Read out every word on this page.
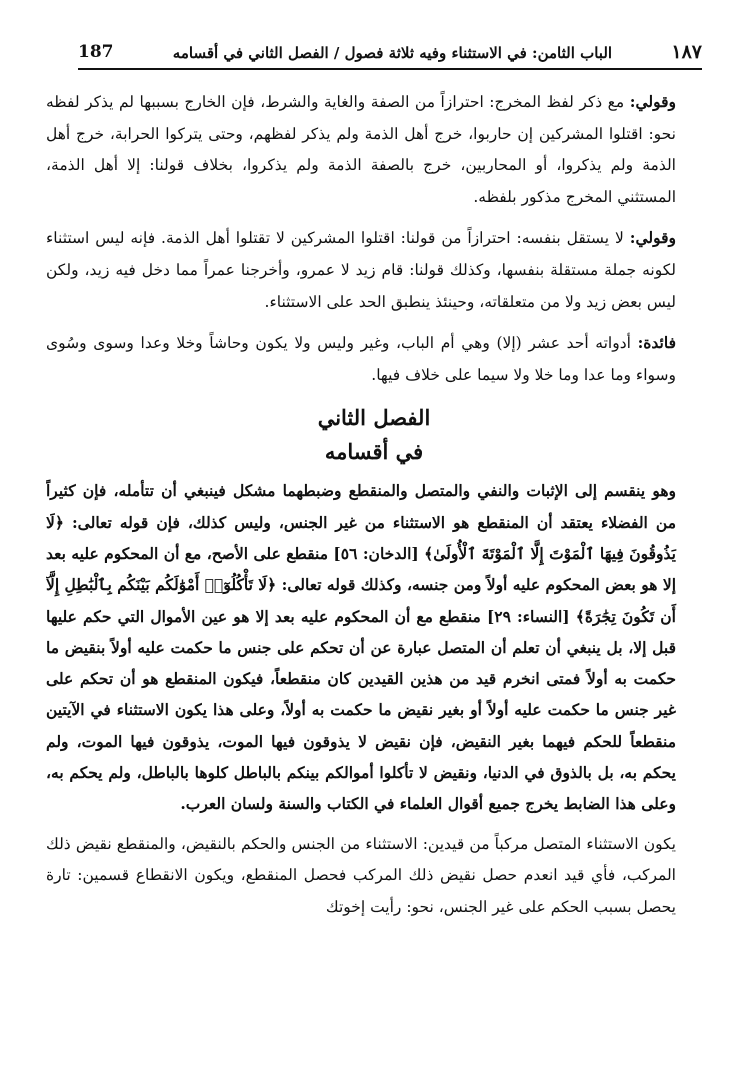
١٨٧
الباب الثامن: في الاستثناء وفيه ثلاثة فصول / الفصل الثاني في أقسامه
187

وقولي: مع ذكر لفظ المخرج: احترازاً من الصفة والغاية والشرط، فإن الخارج بسببها لم يذكر لفظه نحو: اقتلوا المشركين إن حاربوا، خرج أهل الذمة ولم يذكر لفظهم، وحتى يتركوا الحرابة، خرج أهل الذمة ولم يذكروا، أو المحاربين، خرج بالصفة الذمة ولم يذكروا، بخلاف قولنا: إلا أهل الذمة، المستثني المخرج مذكور بلفظه.

وقولي: لا يستقل بنفسه: احترازاً من قولنا: اقتلوا المشركين لا تقتلوا أهل الذمة. فإنه ليس استثناء لكونه جملة مستقلة بنفسها، وكذلك قولنا: قام زيد لا عمرو، وأخرجنا عمراً مما دخل فيه زيد، ولكن ليس بعض زيد ولا من متعلقاته، وحينئذ ينطبق الحد على الاستثناء.

فائدة: أدواته أحد عشر (إلا) وهي أم الباب، وغير وليس ولا يكون وحاشاً وخلا وعدا وسوى وسُوى وسواء وما عدا وما خلا ولا سيما على خلاف فيها.

الفصل الثاني
في أقسامه

وهو ينقسم إلى الإثبات والنفي والمتصل والمنقطع وضبطهما مشكل فينبغي أن تتأمله، فإن كثيراً من الفضلاء يعتقد أن المنقطع هو الاستثناء من غير الجنس، وليس كذلك، فإن قوله تعالى: ﴿لَا يَذُوقُونَ فِيهَا ٱلْمَوْتَ إِلَّا ٱلْمَوْتَةَ ٱلْأُولَىٰ﴾ [الدخان: ٥٦] منقطع على الأصح، مع أن المحكوم عليه بعد إلا هو بعض المحكوم عليه أولاً ومن جنسه، وكذلك قوله تعالى: ﴿لَا تَأْكُلُوٓا۟ أَمْوَٰلَكُم بَيْنَكُم بِٱلْبَٰطِلِ إِلَّآ أَن تَكُونَ تِجَٰرَةً﴾ [النساء: ٢٩] منقطع مع أن المحكوم عليه بعد إلا هو عين الأموال التي حكم عليها قبل إلا، بل ينبغي أن تعلم أن المتصل عبارة عن أن تحكم على جنس ما حكمت عليه أولاً بنقيض ما حكمت به أولاً فمتى انخرم قيد من هذين القيدين كان منقطعاً، فيكون المنقطع هو أن تحكم على غير جنس ما حكمت عليه أولاً أو بغير نقيض ما حكمت به أولاً، وعلى هذا يكون الاستثناء في الآيتين منقطعاً للحكم فيهما بغير النقيض، فإن نقيض لا يذوقون فيها الموت، يذوقون فيها الموت، ولم يحكم به، بل بالذوق في الدنيا، ونقيض لا تأكلوا أموالكم بينكم بالباطل كلوها بالباطل، ولم يحكم به، وعلى هذا الضابط يخرج جميع أقوال العلماء في الكتاب والسنة ولسان العرب.

يكون الاستثناء المتصل مركباً من قيدين: الاستثناء من الجنس والحكم بالنقيض، والمنقطع نقيض ذلك المركب، فأي قيد انعدم حصل نقيض ذلك المركب فحصل المنقطع، ويكون الانقطاع قسمين: تارة يحصل بسبب الحكم على غير الجنس، نحو: رأيت إخوتك
